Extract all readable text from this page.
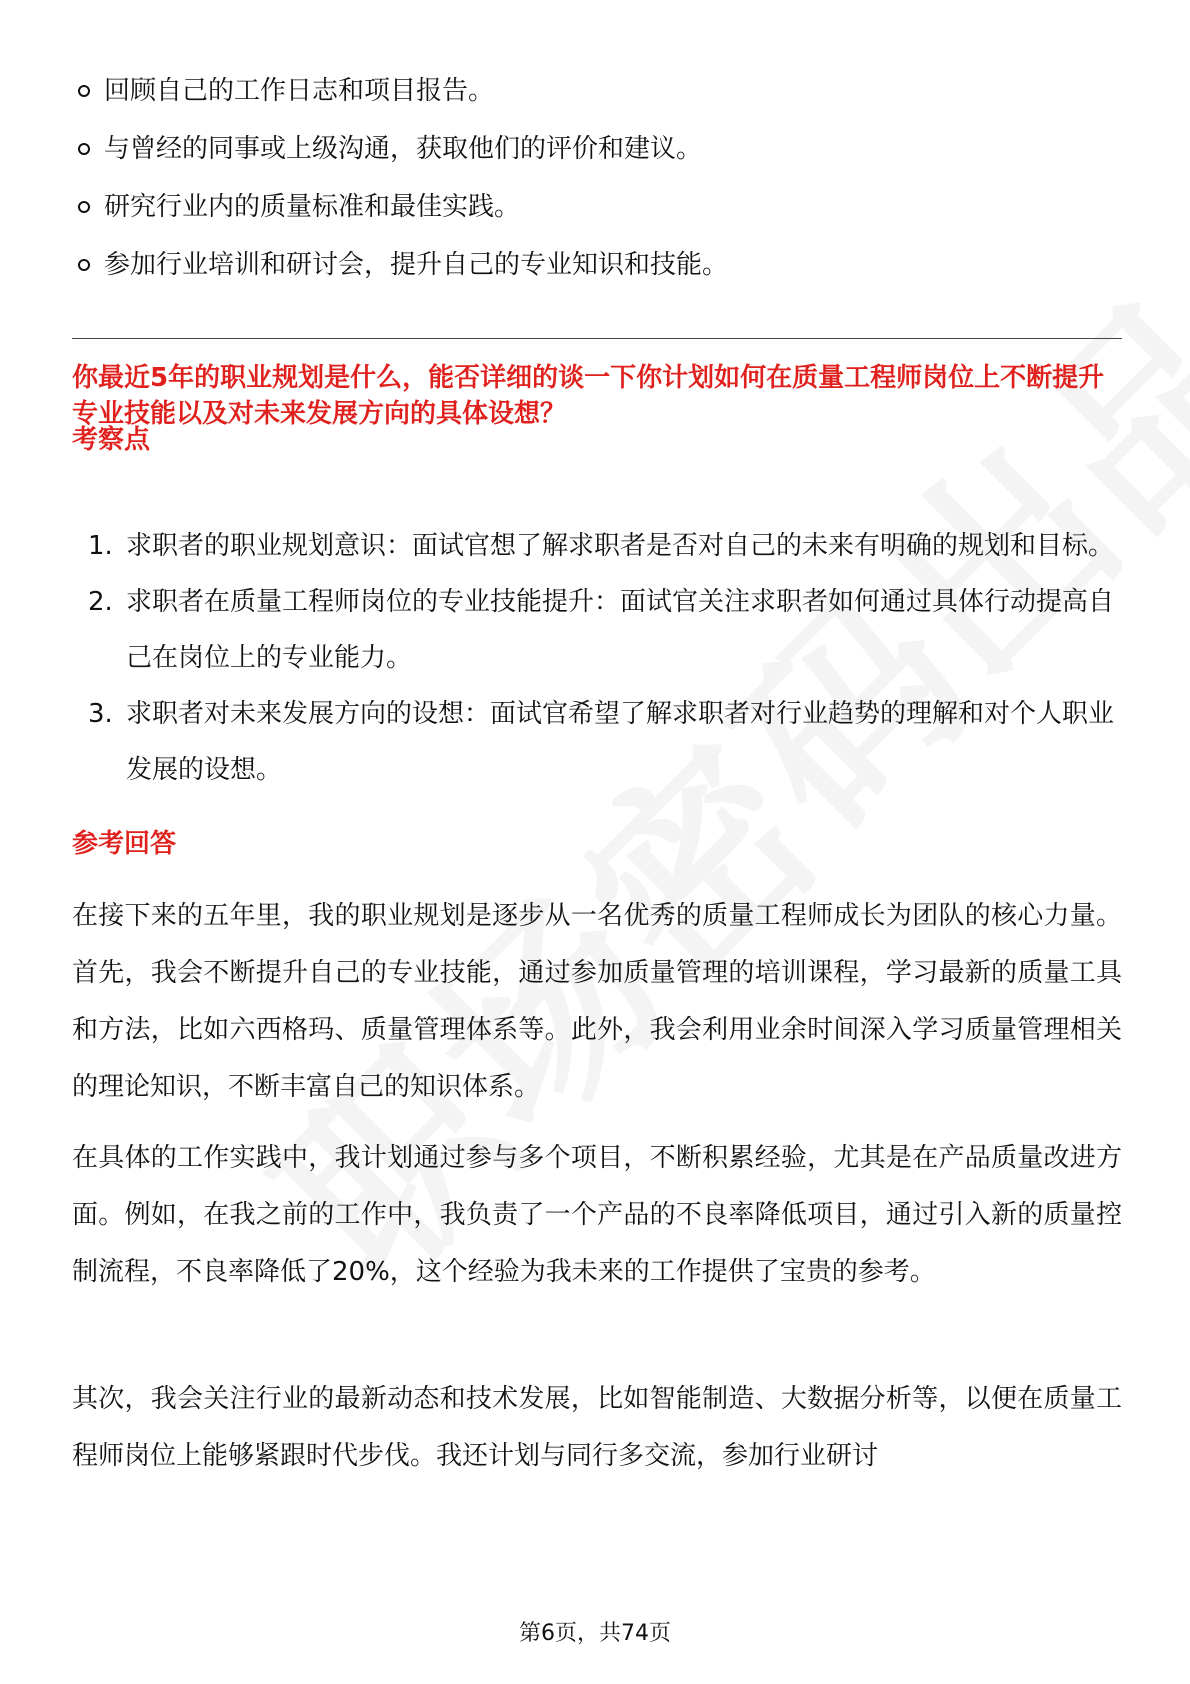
回顾自己的工作日志和项目报告。
与曾经的同事或上级沟通，获取他们的评价和建议。
研究行业内的质量标准和最佳实践。
参加行业培训和研讨会，提升自己的专业知识和技能。
你最近5年的职业规划是什么，能否详细的谈一下你计划如何在质量工程师岗位上不断提升专业技能以及对未来发展方向的具体设想？
考察点
1. 求职者的职业规划意识：面试官想了解求职者是否对自己的未来有明确的规划和目标。
2. 求职者在质量工程师岗位的专业技能提升：面试官关注求职者如何通过具体行动提高自己在岗位上的专业能力。
3. 求职者对未来发展方向的设想：面试官希望了解求职者对行业趋势的理解和对个人职业发展的设想。
参考回答

在接下来的五年里，我的职业规划是逐步从一名优秀的质量工程师成长为团队的核心力量。首先，我会不断提升自己的专业技能，通过参加质量管理的培训课程，学习最新的质量工具和方法，比如六西格玛、质量管理体系等。此外，我会利用业余时间深入学习质量管理相关的理论知识，不断丰富自己的知识体系。

在具体的工作实践中，我计划通过参与多个项目，不断积累经验，尤其是在产品质量改进方面。例如，在我之前的工作中，我负责了一个产品的不良率降低项目，通过引入新的质量控制流程，不良率降低了20%，这个经验为我未来的工作提供了宝贵的参考。

其次，我会关注行业的最新动态和技术发展，比如智能制造、大数据分析等，以便在质量工程师岗位上能够紧跟时代步伐。我还计划与同行多交流，参加行业研讨

第6页，共74页
